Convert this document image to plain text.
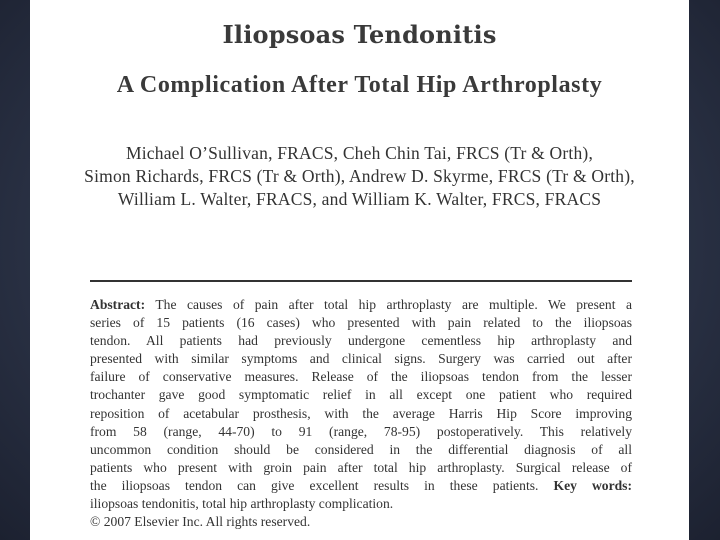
Iliopsoas Tendonitis
A Complication After Total Hip Arthroplasty
Michael O’Sullivan, FRACS, Cheh Chin Tai, FRCS (Tr & Orth),
Simon Richards, FRCS (Tr & Orth), Andrew D. Skyrme, FRCS (Tr & Orth),
William L. Walter, FRACS, and William K. Walter, FRCS, FRACS
Abstract: The causes of pain after total hip arthroplasty are multiple. We present a
series of 15 patients (16 cases) who presented with pain related to the iliopsoas
tendon. All patients had previously undergone cementless hip arthroplasty and
presented with similar symptoms and clinical signs. Surgery was carried out after
failure of conservative measures. Release of the iliopsoas tendon from the lesser
trochanter gave good symptomatic relief in all except one patient who required
reposition of acetabular prosthesis, with the average Harris Hip Score improving
from 58 (range, 44-70) to 91 (range, 78-95) postoperatively. This relatively
uncommon condition should be considered in the differential diagnosis of all
patients who present with groin pain after total hip arthroplasty. Surgical release of
the iliopsoas tendon can give excellent results in these patients. Key words:
iliopsoas tendonitis, total hip arthroplasty complication.
© 2007 Elsevier Inc. All rights reserved.
